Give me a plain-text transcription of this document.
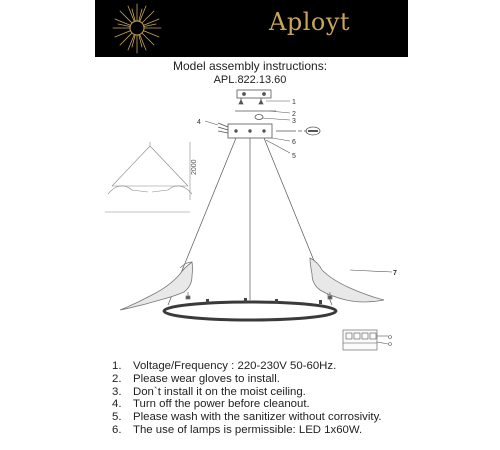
Aployt
Model assembly instructions:
APL.822.13.60
2000
1
2
3
4
5
6
7
1. Voltage/Frequency : 220-230V 50-60Hz.
2. Please wear gloves to install.
3. Don`t install it on the moist ceiling.
4. Turn off the power before cleanout.
5. Please wash with the sanitizer without corrosivity.
6. The use of lamps is permissible: LED 1x60W.
